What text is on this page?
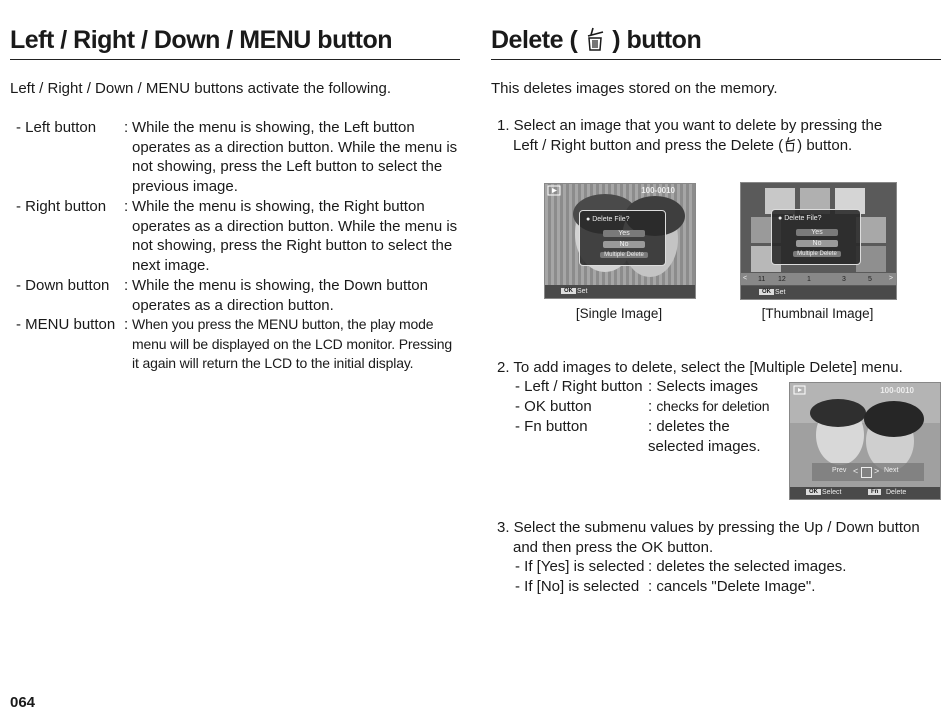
Left / Right / Down / MENU button
Left / Right / Down / MENU buttons activate the following.
- Left button : While the menu is showing, the Left button operates as a direction button. While the menu is not showing, press the Left button to select the previous image.
- Right button : While the menu is showing, the Right button operates as a direction button. While the menu is not showing, press the Right button to select the next image.
- Down button : While the menu is showing, the Down button operates as a direction button.
- MENU button : When you press the MENU button, the play mode menu will be displayed on the LCD monitor. Pressing it again will return the LCD to the initial display.
Delete ( ) button
This deletes images stored on the memory.
1. Select an image that you want to delete by pressing the
Left / Right button and press the Delete ( ) button.
100-0010
● Delete File?
Yes
No
Multiple Delete
OK Set
[Single Image]
● Delete File?
Yes
No
Multiple Delete
< 11 12	1	3	5 >
OK Set
[Thumbnail Image]
2. To add images to delete, select the [Multiple Delete] menu.
- Left / Right button : Selects images
- OK button	: checks for deletion
- Fn button	: deletes the selected images.
100-0010
Prev < > Next
OK Select	Fn	Delete
3. Select the submenu values by pressing the Up / Down button
and then press the OK button.
- If [Yes] is selected : deletes the selected images.
- If [No] is selected : cancels "Delete Image".
064
